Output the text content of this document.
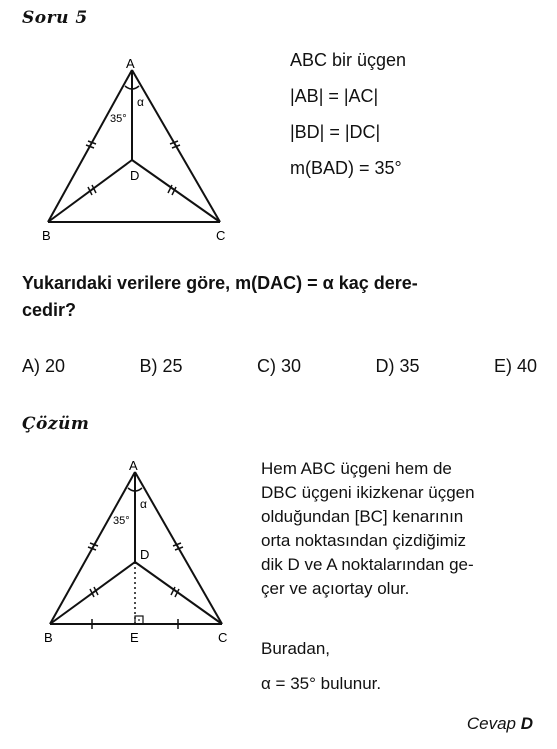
Soru 5
A
B	C
D
35°
α
ABC bir üçgen
|AB| = |AC|
|BD| = |DC|
m(BAD) = 35°
Yukarıdaki verilere göre, m(DAC) = α kaç dere-
cedir?
A) 20	B) 25	C) 30	D) 35	E) 40
Çözüm
A
B	C
D
E
35°
α
Hem ABC üçgeni hem de
DBC üçgeni ikizkenar üçgen
olduğundan [BC] kenarının
orta noktasından çizdiğimiz
dik D ve A noktalarından ge-
çer ve açıortay olur.
Buradan,
α = 35° bulunur.
Cevap D
